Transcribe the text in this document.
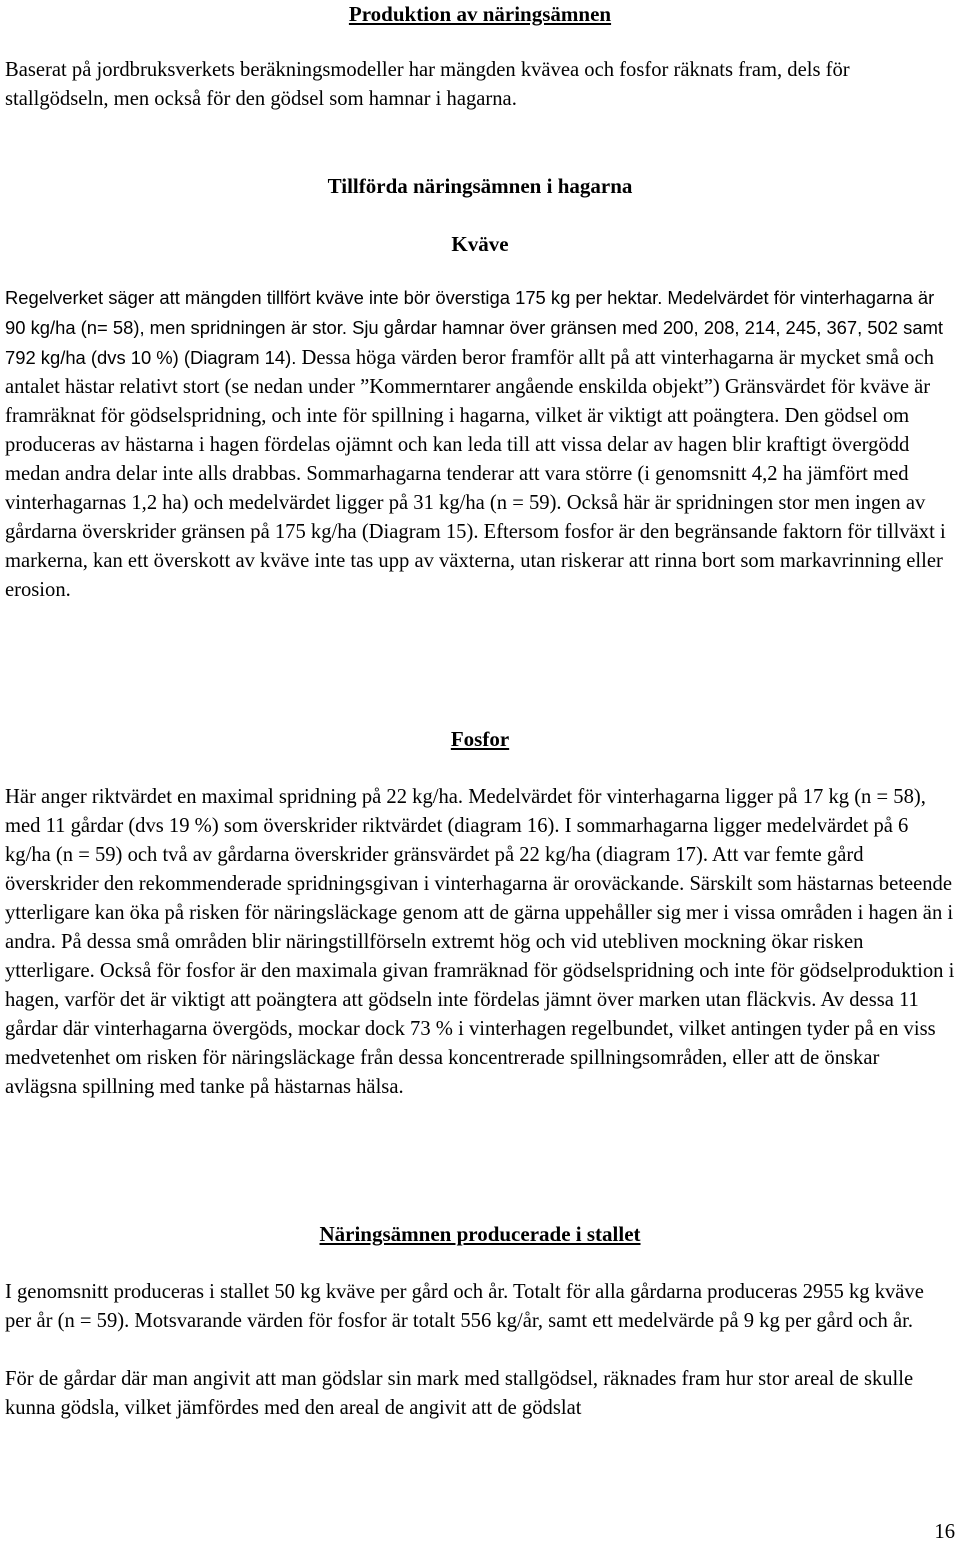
Produktion av näringsämnen

Baserat på jordbruksverkets beräkningsmodeller har mängden kvävea och fosfor räknats fram, dels för stallgödseln, men också för den gödsel som hamnar i hagarna.

Tillförda näringsämnen i hagarna
Kväve

Regelverket säger att mängden tillfört kväve inte bör överstiga 175 kg per hektar. Medelvärdet för vinterhagarna är 90 kg/ha (n= 58), men spridningen är stor. Sju gårdar hamnar över gränsen med 200, 208, 214, 245, 367, 502 samt 792 kg/ha (dvs 10 %) (Diagram 14). Dessa höga värden beror framför allt på att vinterhagarna är mycket små och antalet hästar relativt stort (se nedan under ”Kommerntarer angående enskilda objekt”) Gränsvärdet för kväve är framräknat för gödselspridning, och inte för spillning i hagarna, vilket är viktigt att poängtera. Den gödsel om produceras av hästarna i hagen fördelas ojämnt och kan leda till att vissa delar av hagen blir kraftigt övergödd medan andra delar inte alls drabbas. Sommarhagarna tenderar att vara större (i genomsnitt 4,2 ha jämfört med vinterhagarnas 1,2 ha) och medelvärdet ligger på 31 kg/ha (n = 59). Också här är spridningen stor men ingen av gårdarna överskrider gränsen på 175 kg/ha (Diagram 15). Eftersom fosfor är den begränsande faktorn för tillväxt i markerna, kan ett överskott av kväve inte tas upp av växterna, utan riskerar att rinna bort som markavrinning eller erosion.

Fosfor

Här anger riktvärdet en maximal spridning på 22 kg/ha. Medelvärdet för vinterhagarna ligger på 17 kg (n = 58), med 11 gårdar (dvs 19 %) som överskrider riktvärdet (diagram 16). I sommarhagarna ligger medelvärdet på 6 kg/ha (n = 59) och två av gårdarna överskrider gränsvärdet på 22 kg/ha (diagram 17). Att var femte gård överskrider den rekommenderade spridningsgivan i vinterhagarna är oroväckande. Särskilt som hästarnas beteende ytterligare kan öka på risken för näringsläckage genom att de gärna uppehåller sig mer i vissa områden i hagen än i andra. På dessa små områden blir näringstillförseln extremt hög och vid utebliven mockning ökar risken ytterligare. Också för fosfor är den maximala givan framräknad för gödselspridning och inte för gödselproduktion i hagen, varför det är viktigt att poängtera att gödseln inte fördelas jämnt över marken utan fläckvis. Av dessa 11 gårdar där vinterhagarna övergöds, mockar dock 73 % i vinterhagen regelbundet, vilket antingen tyder på en viss medvetenhet om risken för näringsläckage från dessa koncentrerade spillningsområden, eller att de önskar avlägsna spillning med tanke på hästarnas hälsa.

Näringsämnen producerade i stallet

I genomsnitt produceras i stallet 50 kg kväve per gård och år. Totalt för alla gårdarna produceras 2955 kg kväve per år (n = 59). Motsvarande värden för fosfor är totalt 556 kg/år, samt ett medelvärde på 9 kg per gård och år.

För de gårdar där man angivit att man gödslar sin mark med stallgödsel, räknades fram hur stor areal de skulle kunna gödsla, vilket jämfördes med den areal de angivit att de gödslat

16
